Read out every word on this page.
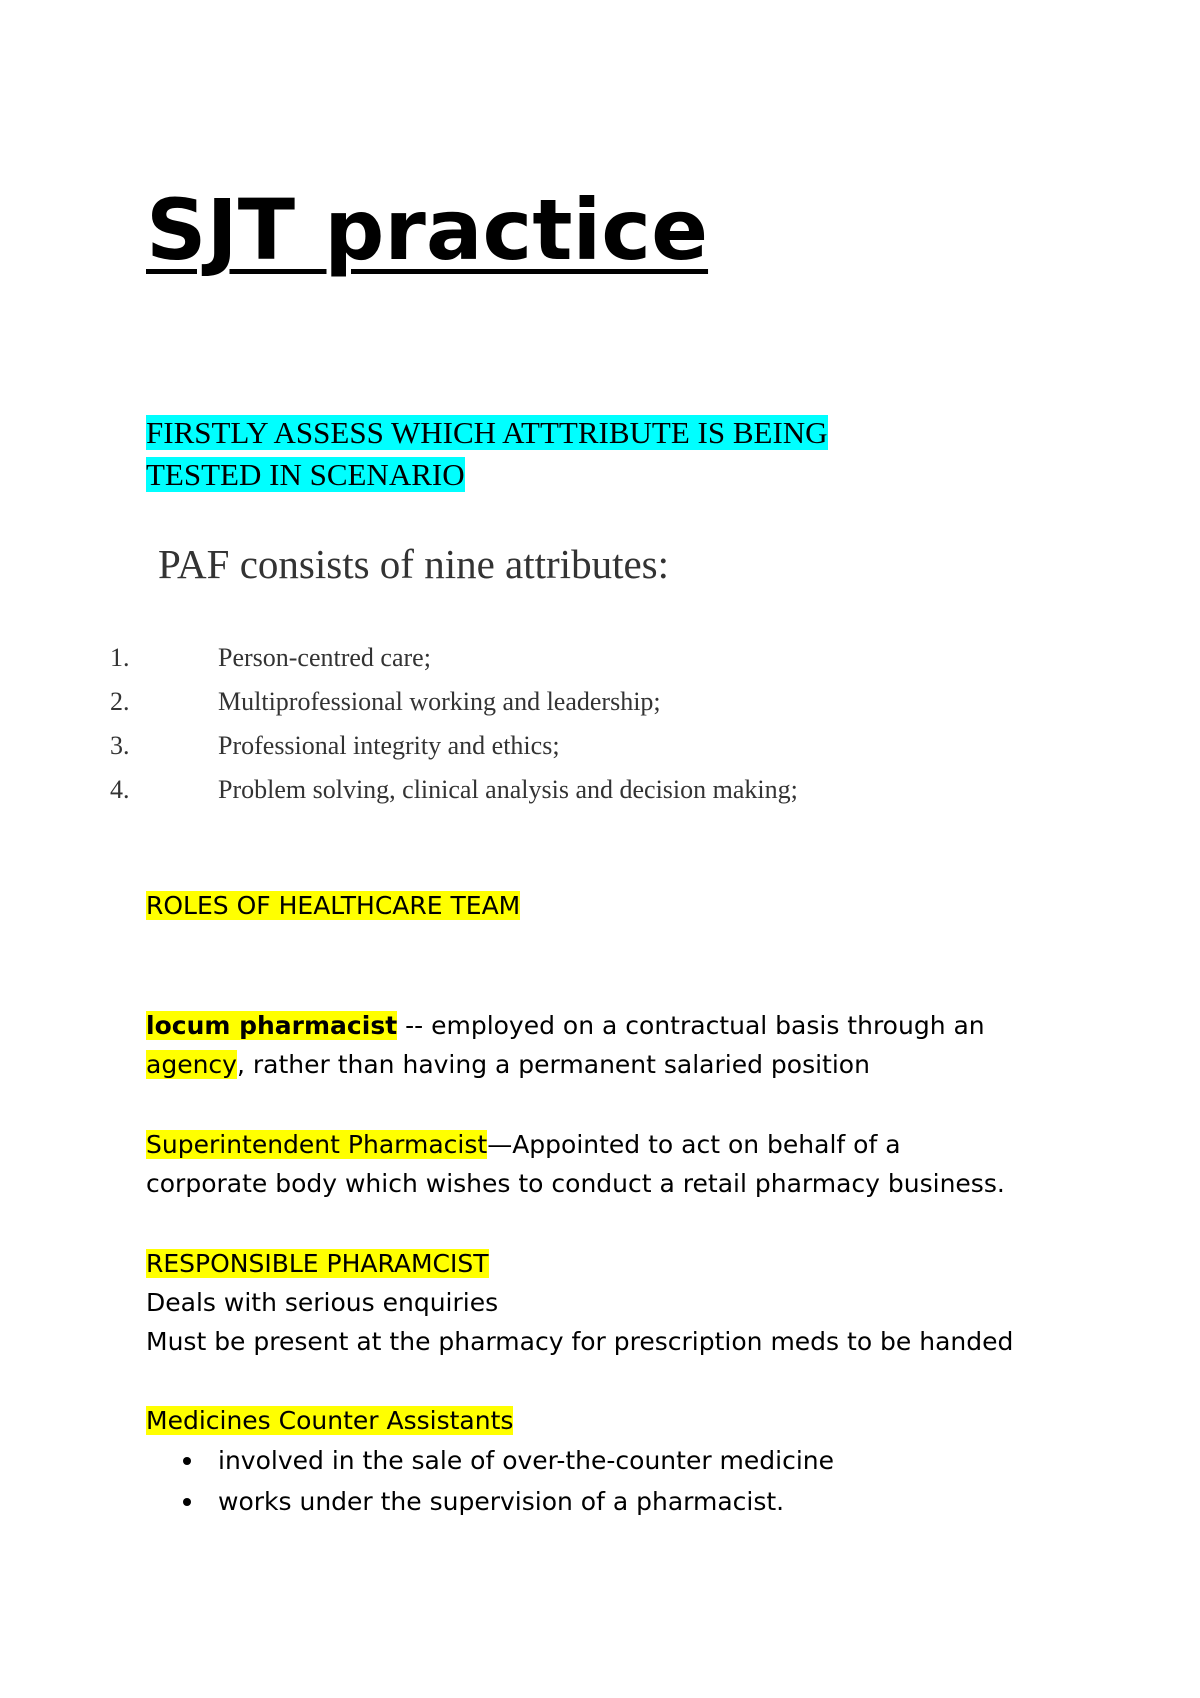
SJT practice
FIRSTLY ASSESS WHICH ATTTRIBUTE IS BEING
TESTED IN SCENARIO
PAF consists of nine attributes:
1.	Person-centred care;
2.	Multiprofessional working and leadership;
3.	Professional integrity and ethics;
4.	Problem solving, clinical analysis and decision making;
ROLES OF HEALTHCARE TEAM
locum pharmacist -- employed on a contractual basis through an
agency, rather than having a permanent salaried position
Superintendent Pharmacist—Appointed to act on behalf of a
corporate body which wishes to conduct a retail pharmacy business.
RESPONSIBLE PHARAMCIST
Deals with serious enquiries
Must be present at the pharmacy for prescription meds to be handed
Medicines Counter Assistants
involved in the sale of over-the-counter medicine
works under the supervision of a pharmacist.
